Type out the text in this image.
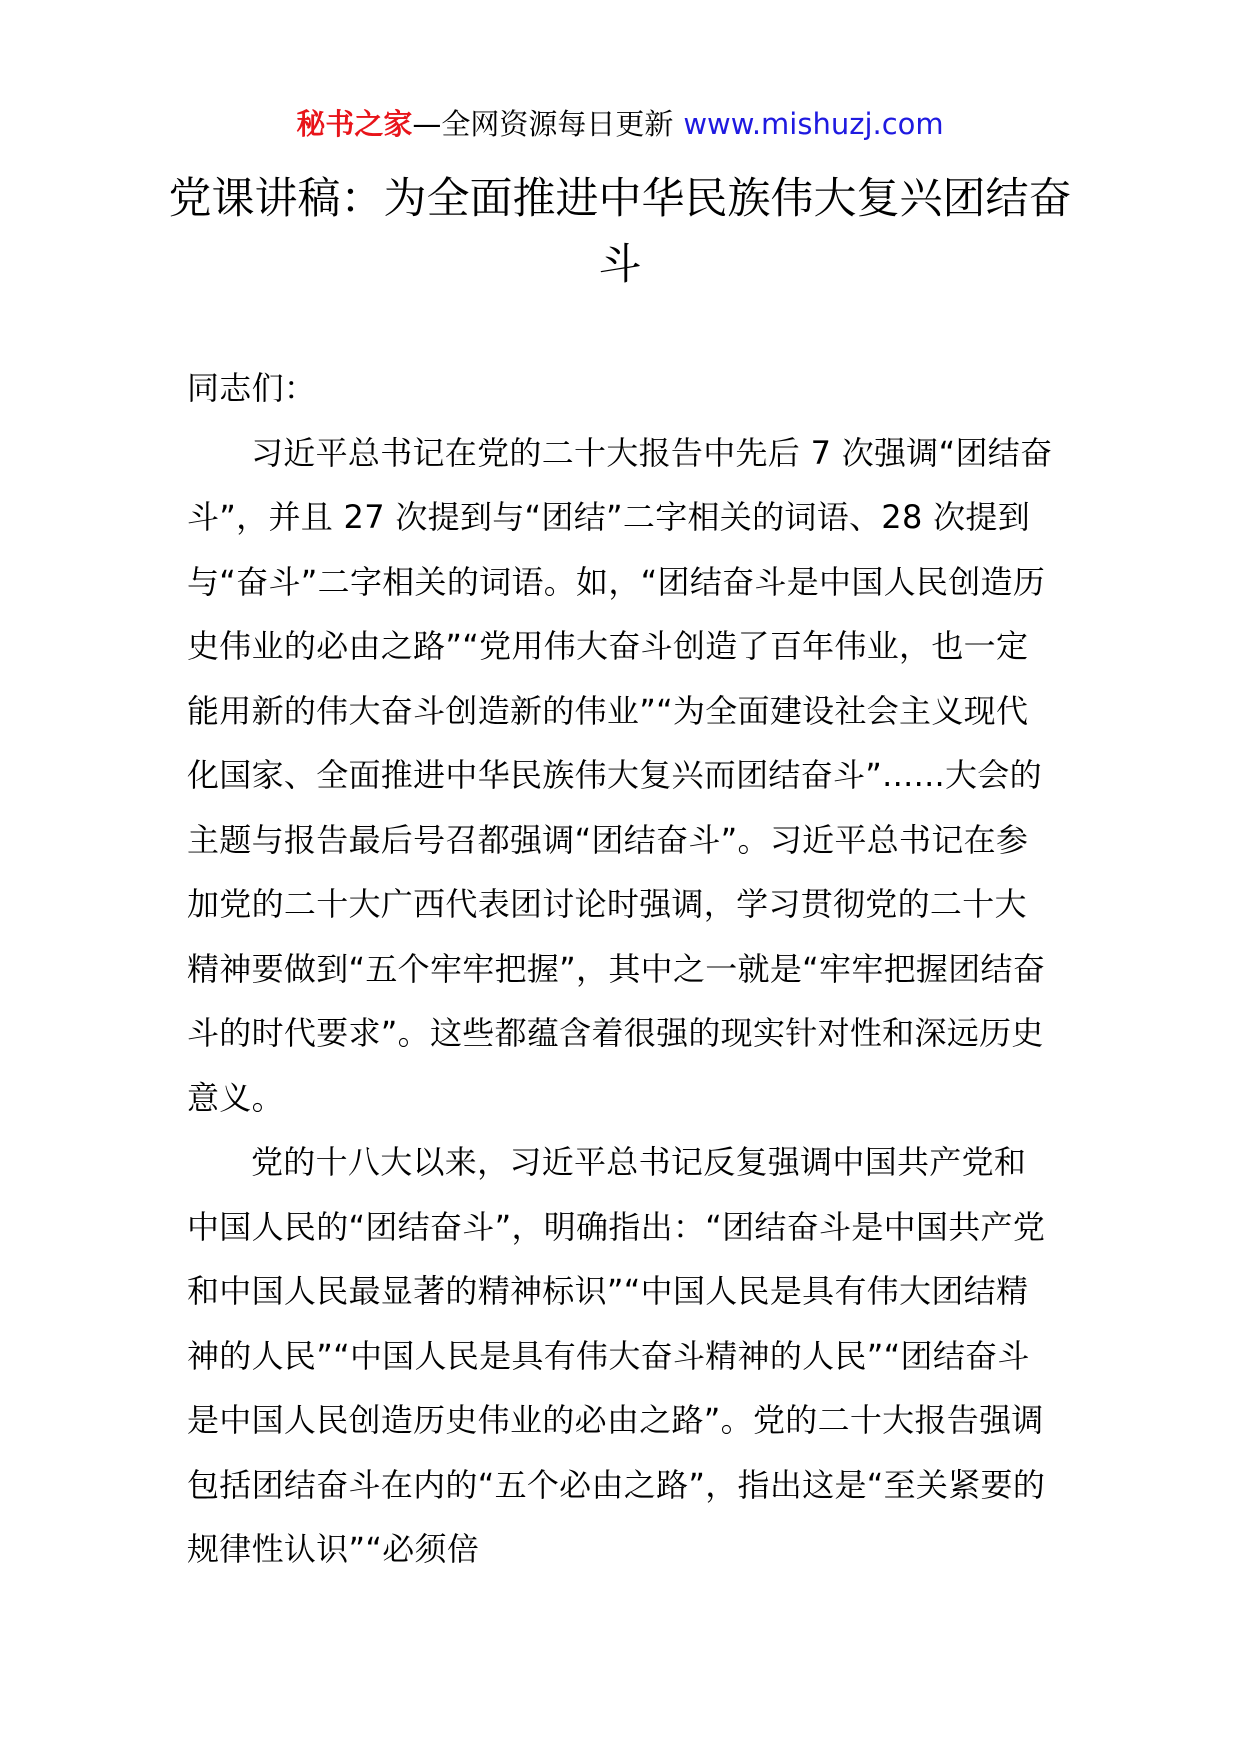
秘书之家—全网资源每日更新 www.mishuzj.com
党课讲稿：为全面推进中华民族伟大复兴团结奋斗

同志们：

习近平总书记在党的二十大报告中先后 7 次强调“团结奋斗”，并且 27 次提到与“团结”二字相关的词语、28 次提到与“奋斗”二字相关的词语。如，“团结奋斗是中国人民创造历史伟业的必由之路”“党用伟大奋斗创造了百年伟业，也一定能用新的伟大奋斗创造新的伟业”“为全面建设社会主义现代化国家、全面推进中华民族伟大复兴而团结奋斗”......大会的主题与报告最后号召都强调“团结奋斗”。习近平总书记在参加党的二十大广西代表团讨论时强调，学习贯彻党的二十大精神要做到“五个牢牢把握”，其中之一就是“牢牢把握团结奋斗的时代要求”。这些都蕴含着很强的现实针对性和深远历史意义。

党的十八大以来，习近平总书记反复强调中国共产党和中国人民的“团结奋斗”，明确指出：“团结奋斗是中国共产党和中国人民最显著的精神标识”“中国人民是具有伟大团结精神的人民”“中国人民是具有伟大奋斗精神的人民”“团结奋斗是中国人民创造历史伟业的必由之路”。党的二十大报告强调包括团结奋斗在内的“五个必由之路”，指出这是“至关紧要的规律性认识”“必须倍
